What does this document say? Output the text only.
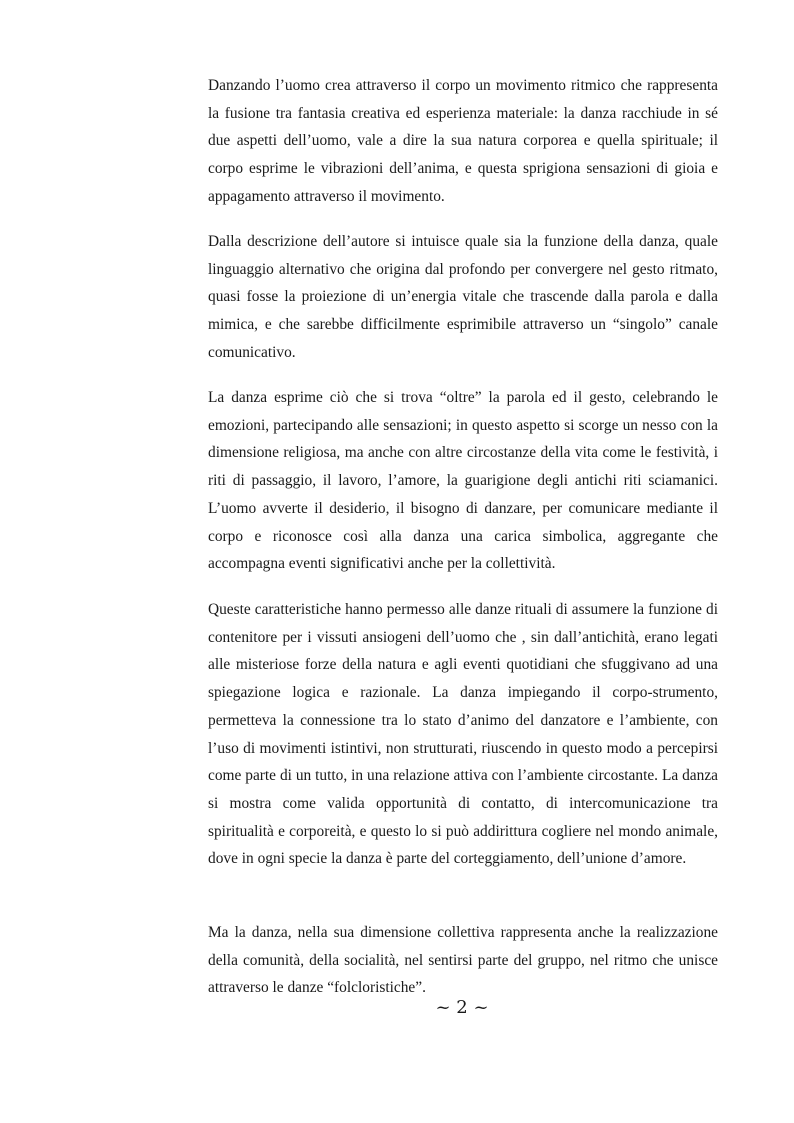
Danzando l’uomo crea attraverso il corpo un movimento ritmico che rappresenta la fusione tra fantasia creativa ed esperienza materiale: la danza racchiude in sé due aspetti dell’uomo, vale a dire la sua natura corporea e quella spirituale; il corpo esprime le vibrazioni dell’anima, e questa sprigiona sensazioni di gioia e appagamento attraverso il movimento.

Dalla descrizione dell’autore si intuisce quale sia la funzione della danza, quale linguaggio alternativo che origina dal profondo per convergere nel gesto ritmato, quasi fosse la proiezione di un’energia vitale che trascende dalla parola e dalla mimica, e che sarebbe difficilmente esprimibile attraverso un “singolo” canale comunicativo.

La danza esprime ciò che si trova “oltre” la parola ed il gesto, celebrando le emozioni, partecipando alle sensazioni; in questo aspetto si scorge un nesso con la dimensione religiosa, ma anche con altre circostanze della vita come le festività, i riti di passaggio, il lavoro, l’amore, la guarigione degli antichi riti sciamanici. L’uomo avverte il desiderio, il bisogno di danzare, per comunicare mediante il corpo e riconosce così alla danza una carica simbolica, aggregante che accompagna eventi significativi anche per la collettività.

Queste caratteristiche hanno permesso alle danze rituali di assumere la funzione di contenitore per i vissuti ansiogeni dell’uomo che , sin dall’antichità, erano legati alle misteriose forze della natura e agli eventi quotidiani che sfuggivano ad una spiegazione logica e razionale. La danza impiegando il corpo-strumento, permetteva la connessione tra lo stato d’animo del danzatore e l’ambiente, con l’uso di movimenti istintivi, non strutturati, riuscendo in questo modo a percepirsi come parte di un tutto, in una relazione attiva con l’ambiente circostante. La danza si mostra come valida opportunità di contatto, di intercomunicazione tra spiritualità e corporeità, e questo lo si può addirittura cogliere nel mondo animale, dove in ogni specie la danza è parte del corteggiamento, dell’unione d’amore.

Ma la danza, nella sua dimensione collettiva rappresenta anche la realizzazione della comunità, della socialità, nel sentirsi parte del gruppo, nel ritmo che unisce attraverso le danze “folcloristiche”.

~ 2 ~
